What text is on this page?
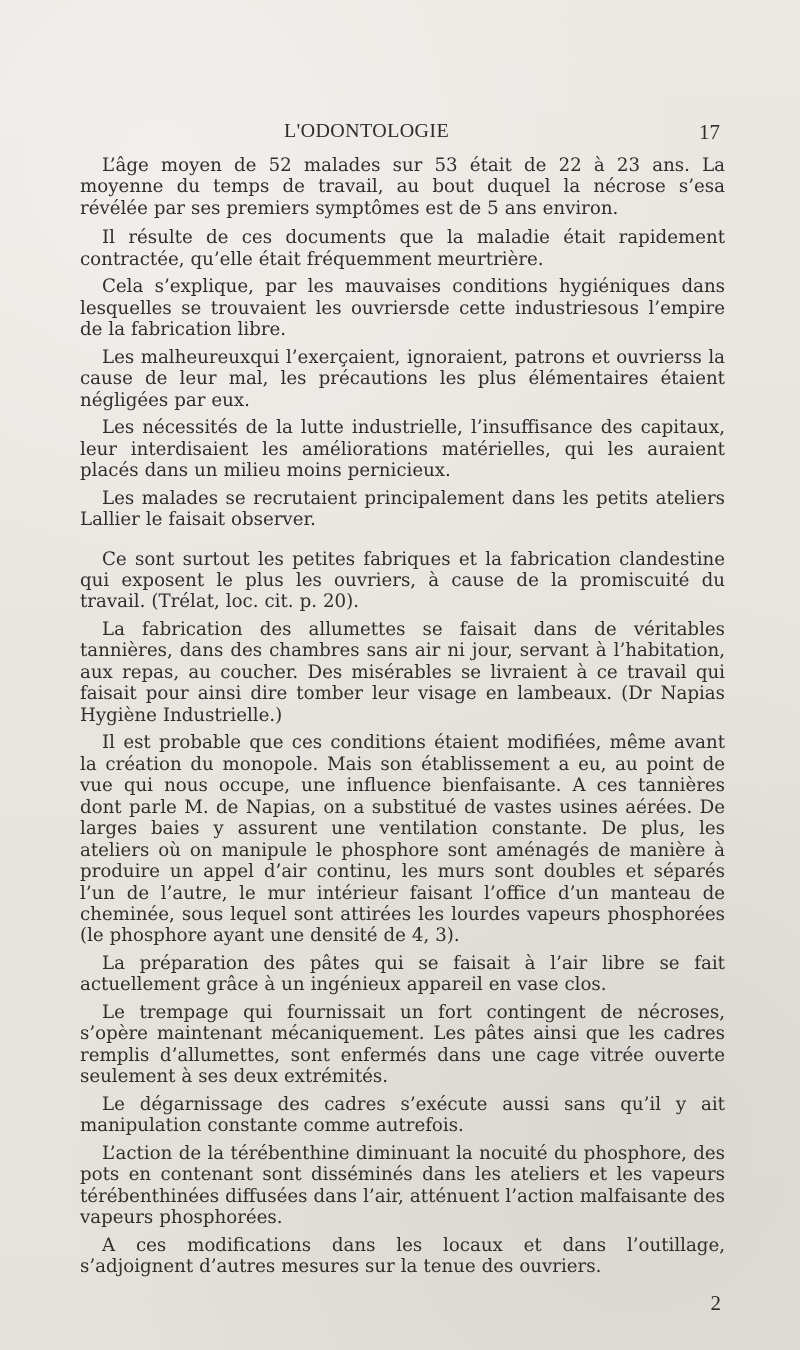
L'ODONTOLOGIE	17

L’âge moyen de 52 malades sur 53 était de 22 à 23 ans. La moyenne du temps de travail, au bout duquel la nécrose s’esa révélée par ses premiers symptômes est de 5 ans environ.

Il résulte de ces documents que la maladie était rapidement contractée, qu’elle était fréquemment meurtrière.

Cela s’explique, par les mauvaises conditions hygiéniques dans lesquelles se trouvaient les ouvriersde cette industriesous l’empire de la fabrication libre.

Les malheureuxqui l’exerçaient, ignoraient, patrons et ouvrierss la cause de leur mal, les précautions les plus élémentaires étaient négligées par eux.

Les nécessités de la lutte industrielle, l’insuffisance des capitaux, leur interdisaient les améliorations matérielles, qui les auraient placés dans un milieu moins pernicieux.

Les malades se recrutaient principalement dans les petits ateliers Lallier le faisait observer.

Ce sont surtout les petites fabriques et la fabrication clandestine qui exposent le plus les ouvriers, à cause de la promiscuité du travail. (Trélat, loc. cit. p. 20).

La fabrication des allumettes se faisait dans de véritables tannières, dans des chambres sans air ni jour, servant à l’habitation, aux repas, au coucher. Des misérables se livraient à ce travail qui faisait pour ainsi dire tomber leur visage en lambeaux. (Dr Napias Hygiène Industrielle.)

Il est probable que ces conditions étaient modifiées, même avant la création du monopole. Mais son établissement a eu, au point de vue qui nous occupe, une influence bienfaisante. A ces tannières dont parle M. de Napias, on a substitué de vastes usines aérées. De larges baies y assurent une ventilation constante. De plus, les ateliers où on manipule le phosphore sont aménagés de manière à produire un appel d’air continu, les murs sont doubles et séparés l’un de l’autre, le mur intérieur faisant l’office d’un manteau de cheminée, sous lequel sont attirées les lourdes vapeurs phosphorées (le phosphore ayant une densité de 4, 3).

La préparation des pâtes qui se faisait à l’air libre se fait actuellement grâce à un ingénieux appareil en vase clos.

Le trempage qui fournissait un fort contingent de nécroses, s’opère maintenant mécaniquement. Les pâtes ainsi que les cadres remplis d’allumettes, sont enfermés dans une cage vitrée ouverte seulement à ses deux extrémités.

Le dégarnissage des cadres s’exécute aussi sans qu’il y ait manipulation constante comme autrefois.

L’action de la térébenthine diminuant la nocuité du phosphore, des pots en contenant sont disséminés dans les ateliers et les vapeurs térébenthinées diffusées dans l’air, atténuent l’action malfaisante des vapeurs phosphorées.

A ces modifications dans les locaux et dans l’outillage, s’adjoignent d’autres mesures sur la tenue des ouvriers.

2
